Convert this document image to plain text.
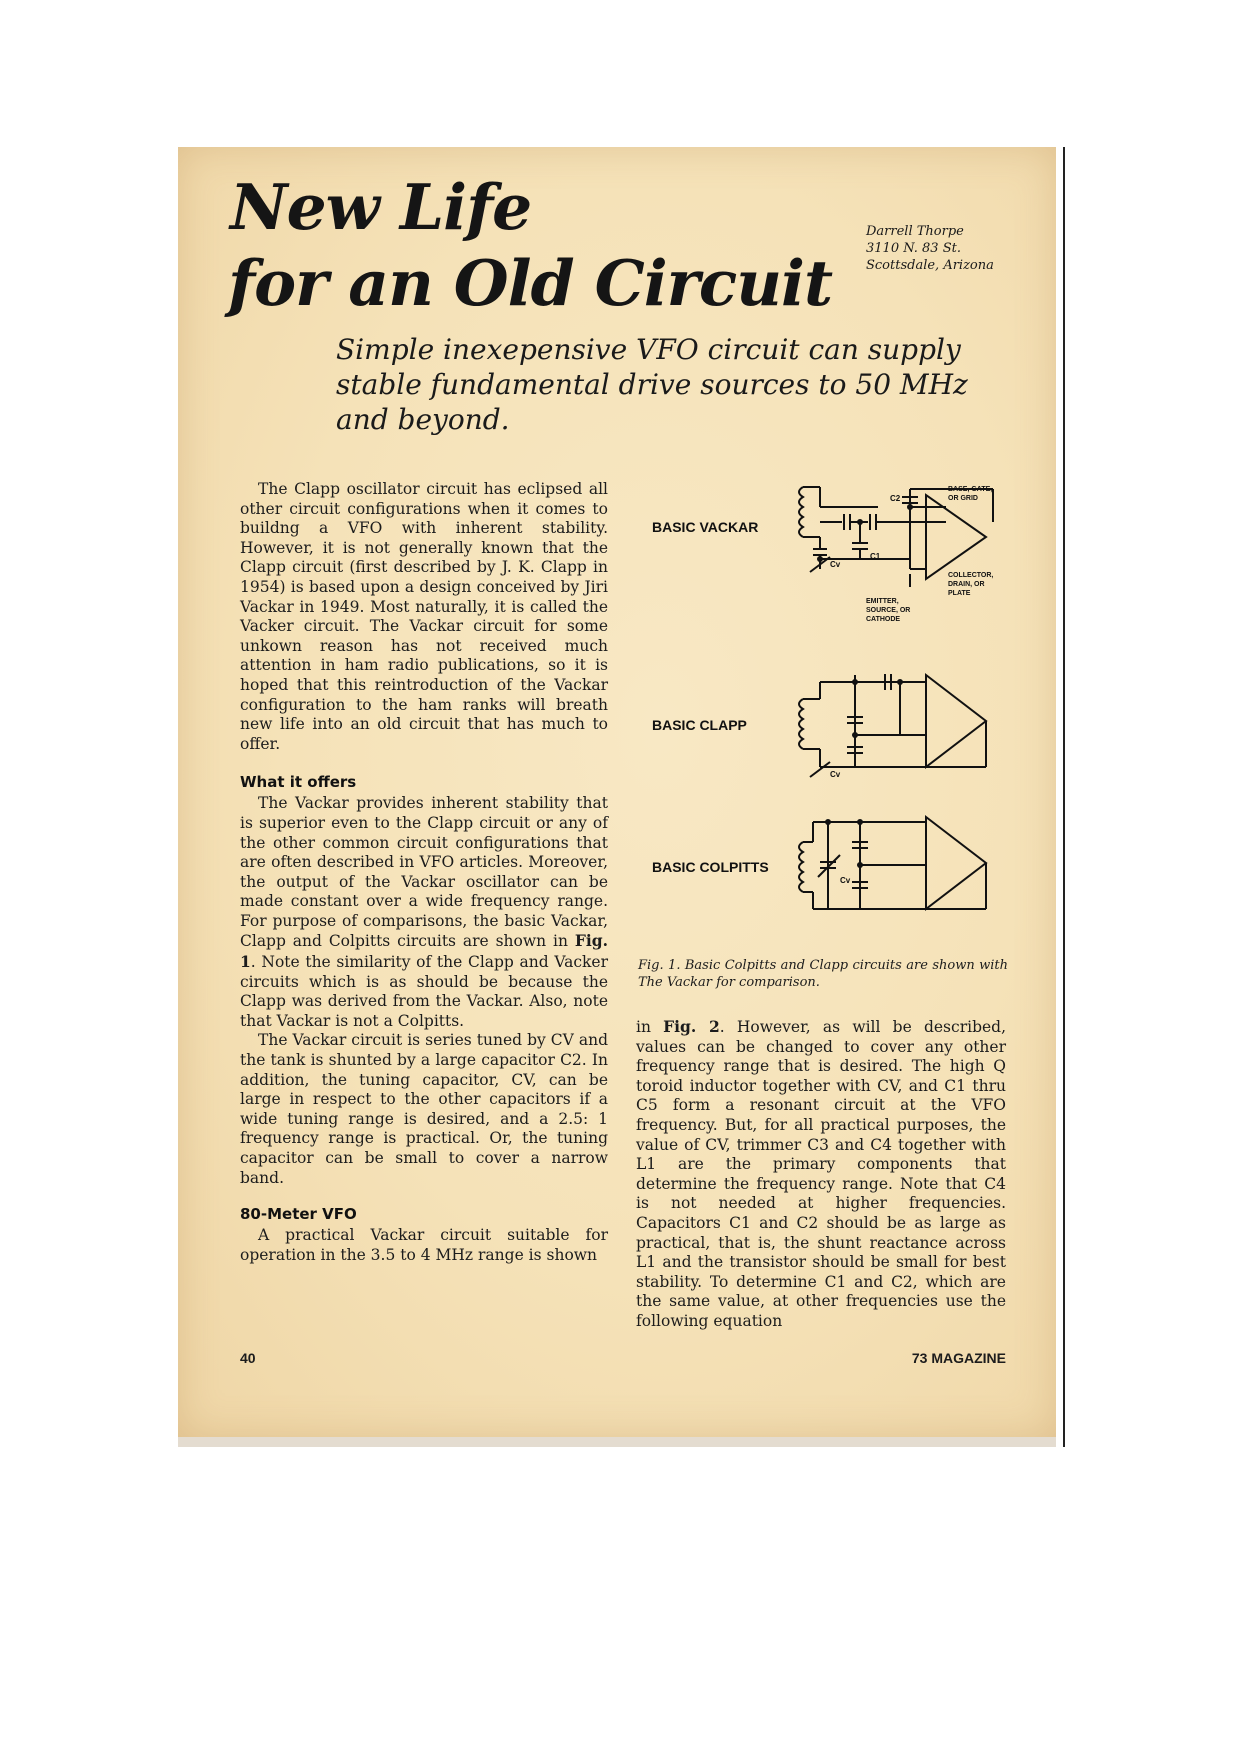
New Life
for an Old Circuit
Darrell Thorpe
3110 N. 83 St.
Scottsdale, Arizona
Simple inexepensive VFO circuit can supply stable fundamental drive sources to 50 MHz and beyond.

The Clapp oscillator circuit has eclipsed all other circuit configurations when it comes to buildng a VFO with inherent stability. However, it is not generally known that the Clapp circuit (first described by J. K. Clapp in 1954) is based upon a design conceived by Jiri Vackar in 1949. Most naturally, it is called the Vacker circuit. The Vackar circuit for some unkown reason has not received much attention in ham radio publications, so it is hoped that this reintroduction of the Vackar configuration to the ham ranks will breath new life into an old circuit that has much to offer.

What it offers

The Vackar provides inherent stability that is superior even to the Clapp circuit or any of the other common circuit configurations that are often described in VFO articles. Moreover, the output of the Vackar oscillator can be made constant over a wide frequency range. For purpose of comparisons, the basic Vackar, Clapp and Colpitts circuits are shown in Fig. 1. Note the similarity of the Clapp and Vacker circuits which is as should be because the Clapp was derived from the Vackar. Also, note that Vackar is not a Colpitts.

The Vackar circuit is series tuned by CV and the tank is shunted by a large capacitor C2. In addition, the tuning capacitor, CV, can be large in respect to the other capacitors if a wide tuning range is desired, and a 2.5: 1 frequency range is practical. Or, the tuning capacitor can be small to cover a narrow band.

80-Meter VFO

A practical Vackar circuit suitable for operation in the 3.5 to 4 MHz range is shown

BASIC VACKAR
BASIC CLAPP
BASIC COLPITTS
C2
C1
Cv
Cv
Cv
BASE, GATE,
OR GRID
COLLECTOR,
DRAIN, OR
PLATE
EMITTER,
SOURCE, OR
CATHODE
Fig. 1. Basic Colpitts and Clapp circuits are shown with The Vackar for comparison.

in Fig. 2. However, as will be described, values can be changed to cover any other frequency range that is desired. The high Q toroid inductor together with CV, and C1 thru C5 form a resonant circuit at the VFO frequency. But, for all practical purposes, the value of CV, trimmer C3 and C4 together with L1 are the primary components that determine the frequency range. Note that C4 is not needed at higher frequencies. Capacitors C1 and C2 should be as large as practical, that is, the shunt reactance across L1 and the transistor should be small for best stability. To determine C1 and C2, which are the same value, at other frequencies use the following equation

40	73 MAGAZINE
